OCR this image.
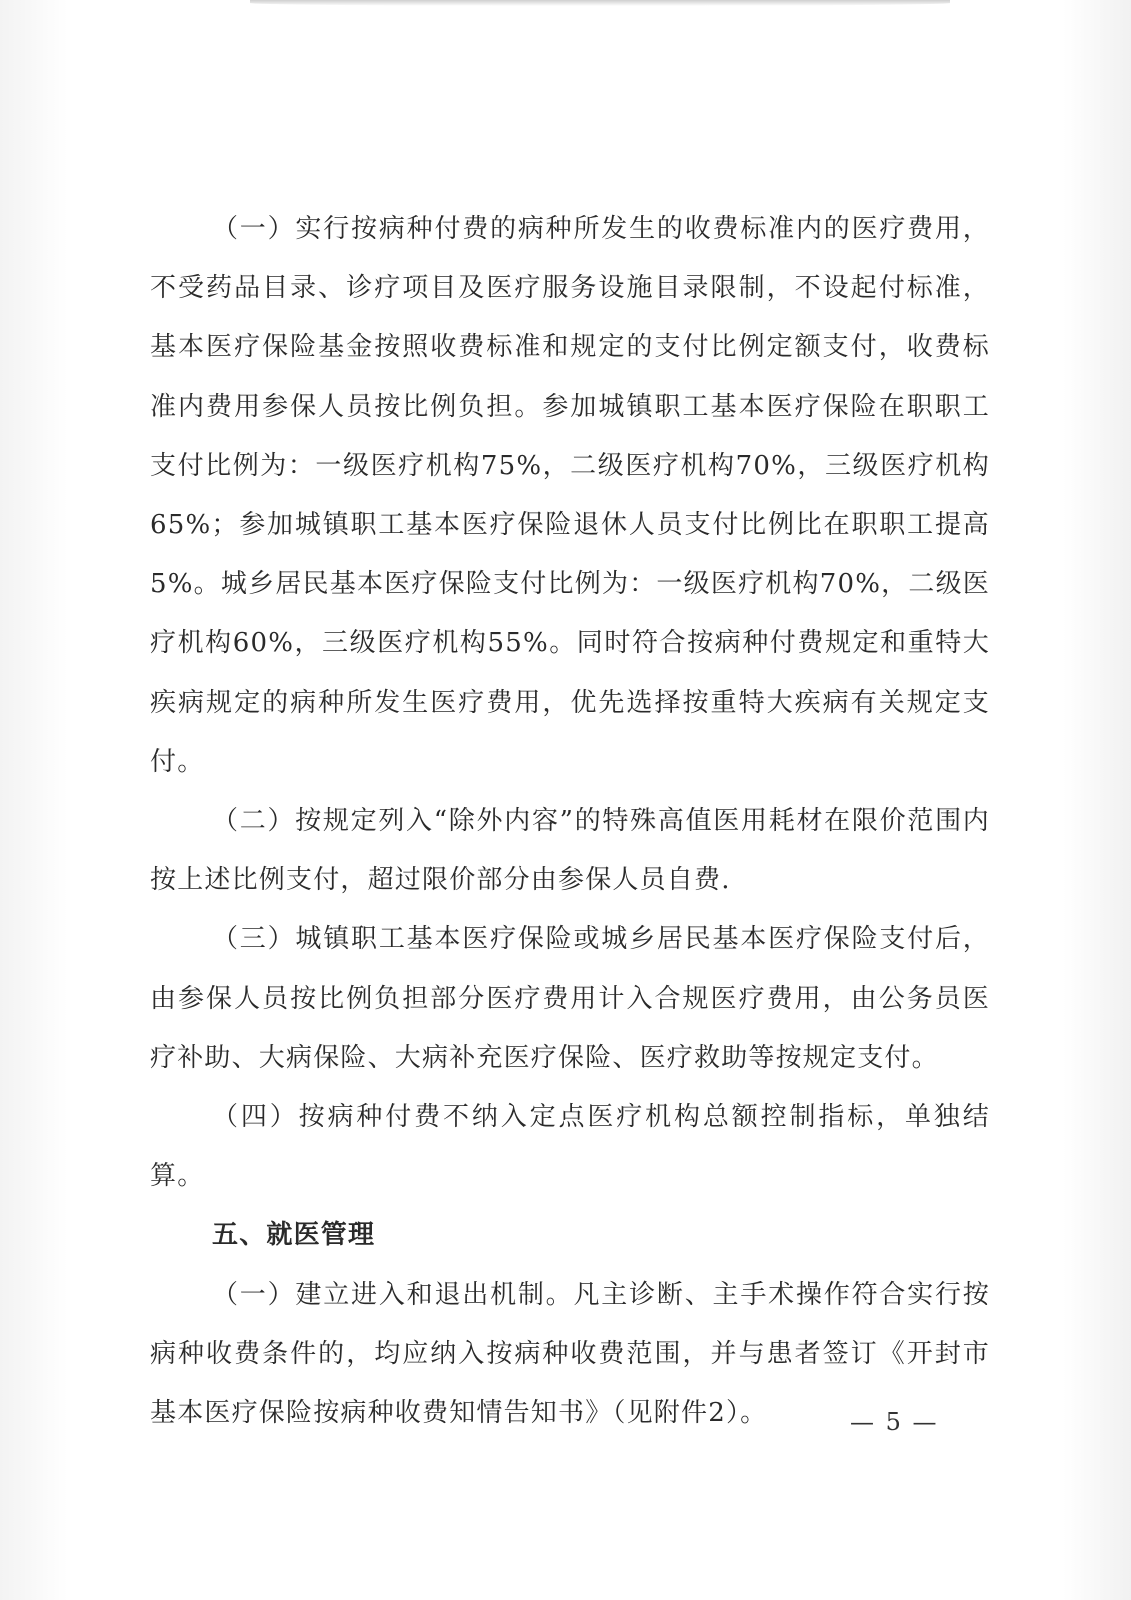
（一）实行按病种付费的病种所发生的收费标准内的医疗费用，不受药品目录、诊疗项目及医疗服务设施目录限制，不设起付标准，基本医疗保险基金按照收费标准和规定的支付比例定额支付，收费标准内费用参保人员按比例负担。参加城镇职工基本医疗保险在职职工支付比例为：一级医疗机构75%，二级医疗机构70%，三级医疗机构65%；参加城镇职工基本医疗保险退休人员支付比例比在职职工提高5%。城乡居民基本医疗保险支付比例为：一级医疗机构70%，二级医疗机构60%，三级医疗机构55%。同时符合按病种付费规定和重特大疾病规定的病种所发生医疗费用，优先选择按重特大疾病有关规定支付。

（二）按规定列入“除外内容”的特殊高值医用耗材在限价范围内按上述比例支付，超过限价部分由参保人员自费.

（三）城镇职工基本医疗保险或城乡居民基本医疗保险支付后，由参保人员按比例负担部分医疗费用计入合规医疗费用，由公务员医疗补助、大病保险、大病补充医疗保险、医疗救助等按规定支付。

（四）按病种付费不纳入定点医疗机构总额控制指标，单独结算。

五、就医管理

（一）建立进入和退出机制。凡主诊断、主手术操作符合实行按病种收费条件的，均应纳入按病种收费范围，并与患者签订《开封市基本医疗保险按病种收费知情告知书》（见附件2）。	— 5 —
